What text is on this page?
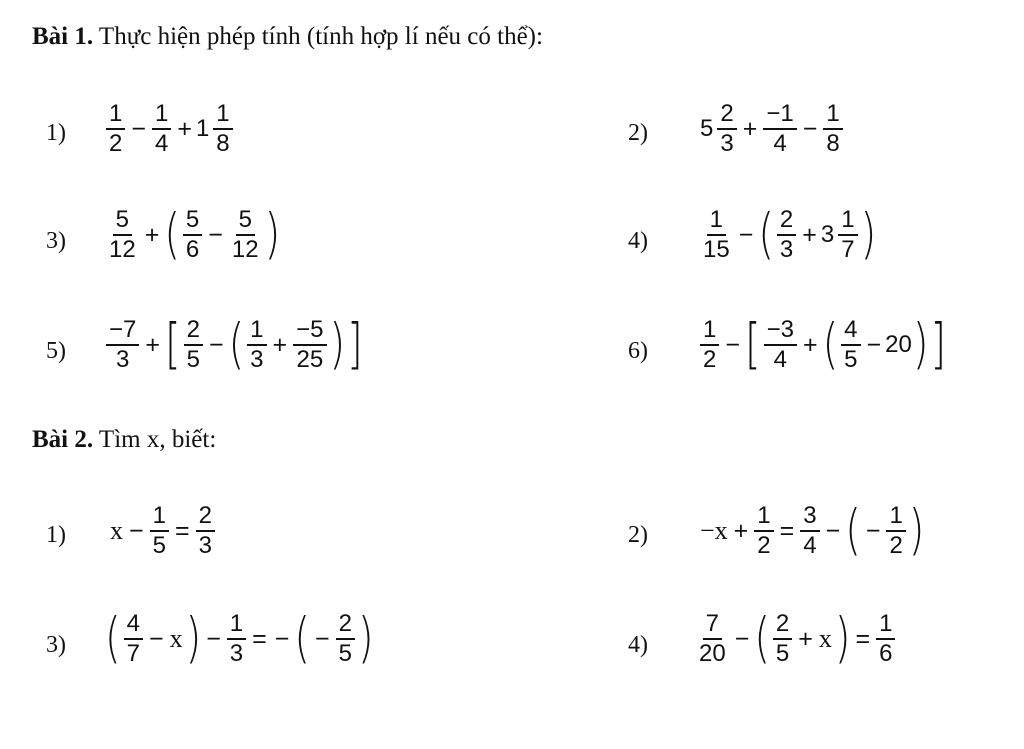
Bài 1. Thực hiện phép tính (tính hợp lí nếu có thể):
$1) \frac{1}{2} - \frac{1}{4} + 1 \frac{1}{8}$	2) $5 \frac{2}{3} + \frac{-1}{4} - \frac{1}{8}$
$3) \frac{5}{12}$ + ( $\frac{5}{6} - \frac{5}{12}$ )	$4) \frac{1}{15}$ − ( $\frac{2}{3} + 3 \frac{1}{7}$ )
$5) \frac{-7}{3}$ + [ $\frac{2}{5}$ − ( $\frac{1}{3} + \frac{-5}{25}$ ) ]	$6) \frac{1}{2}$ − [ $\frac{-3}{4}$ + ( $\frac{4}{5} - 20$ ) ]
Bài 2. Tìm x, biết:
1) $x - \frac{1}{5} = \frac{2}{3}$	$2) -x + \frac{1}{2} = \frac{3}{4}$ − ( − $\frac{1}{2}$ )
3) ( $\frac{4}{7} - x$ ) − $\frac{1}{3}$ = − ( − $\frac{2}{5}$ )	$4) \frac{7}{20}$ − ( $\frac{2}{5} + x$ ) = $\frac{1}{6}$
